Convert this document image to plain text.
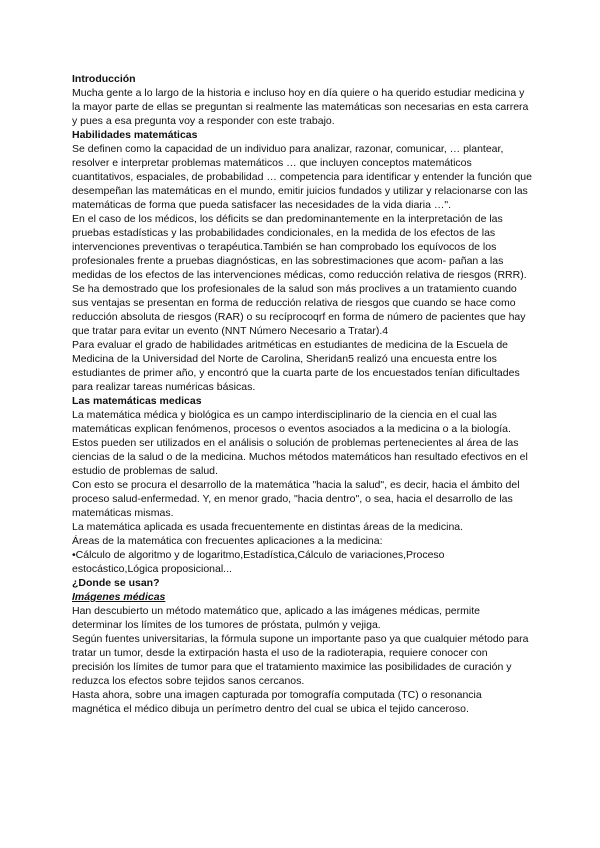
Introducción

Mucha gente a lo largo de la historia e incluso hoy en día quiere o ha querido estudiar medicina y la mayor parte de ellas se preguntan si realmente las matemáticas son necesarias en esta carrera y pues a esa pregunta voy a responder con este trabajo.

Habilidades matemáticas

Se definen como la capacidad de un individuo para analizar, razonar, comunicar, … plantear, resolver e interpretar problemas matemáticos … que incluyen conceptos matemáticos cuantitativos, espaciales, de probabilidad … competencia para identificar y entender la función que desempeñan las matemáticas en el mundo, emitir juicios fundados y utilizar y relacionarse con las matemáticas de forma que pueda satisfacer las necesidades de la vida diaria …".

En el caso de los médicos, los déficits se dan predominantemente en la interpretación de las pruebas estadísticas y las probabilidades condicionales, en la medida de los efectos de las intervenciones preventivas o terapéutica.También se han comprobado los equívocos de los profesionales frente a pruebas diagnósticas, en las sobrestimaciones que acom- pañan a las medidas de los efectos de las intervenciones médicas, como reducción relativa de riesgos (RRR). Se ha demostrado que los profesionales de la salud son más proclives a un tratamiento cuando sus ventajas se presentan en forma de reducción relativa de riesgos que cuando se hace como reducción absoluta de riesgos (RAR) o su recíprocoqrf en forma de número de pacientes que hay que tratar para evitar un evento (NNT Número Necesario a Tratar).4

Para evaluar el grado de habilidades aritméticas en estudiantes de medicina de la Escuela de Medicina de la Universidad del Norte de Carolina, Sheridan5 realizó una encuesta entre los estudiantes de primer año, y encontró que la cuarta parte de los encuestados tenían dificultades para realizar tareas numéricas básicas.

Las matemáticas medicas

La matemática médica y biológica es un campo interdisciplinario de la ciencia en el cual las matemáticas explican fenómenos, procesos o eventos asociados a la medicina o a la biología. Estos pueden ser utilizados en el análisis o solución de problemas pertenecientes al área de las ciencias de la salud o de la medicina. Muchos métodos matemáticos han resultado efectivos en el estudio de problemas de salud.

Con esto se procura el desarrollo de la matemática "hacia la salud", es decir, hacia el ámbito del proceso salud-enfermedad. Y, en menor grado, "hacia dentro", o sea, hacia el desarrollo de las matemáticas mismas.

La matemática aplicada es usada frecuentemente en distintas áreas de la medicina.

Áreas de la matemática con frecuentes aplicaciones a la medicina:

•Cálculo de algoritmo y de logaritmo,Estadística,Cálculo de variaciones,Proceso estocástico,Lógica proposicional...

¿Donde se usan?
Imágenes médicas

Han descubierto un método matemático que, aplicado a las imágenes médicas, permite determinar los límites de los tumores de próstata, pulmón y vejiga.

Según fuentes universitarias, la fórmula supone un importante paso ya que cualquier método para tratar un tumor, desde la extirpación hasta el uso de la radioterapia, requiere conocer con precisión los límites de tumor para que el tratamiento maximice las posibilidades de curación y reduzca los efectos sobre tejidos sanos cercanos.

Hasta ahora, sobre una imagen capturada por tomografía computada (TC) o resonancia magnética el médico dibuja un perímetro dentro del cual se ubica el tejido canceroso.
